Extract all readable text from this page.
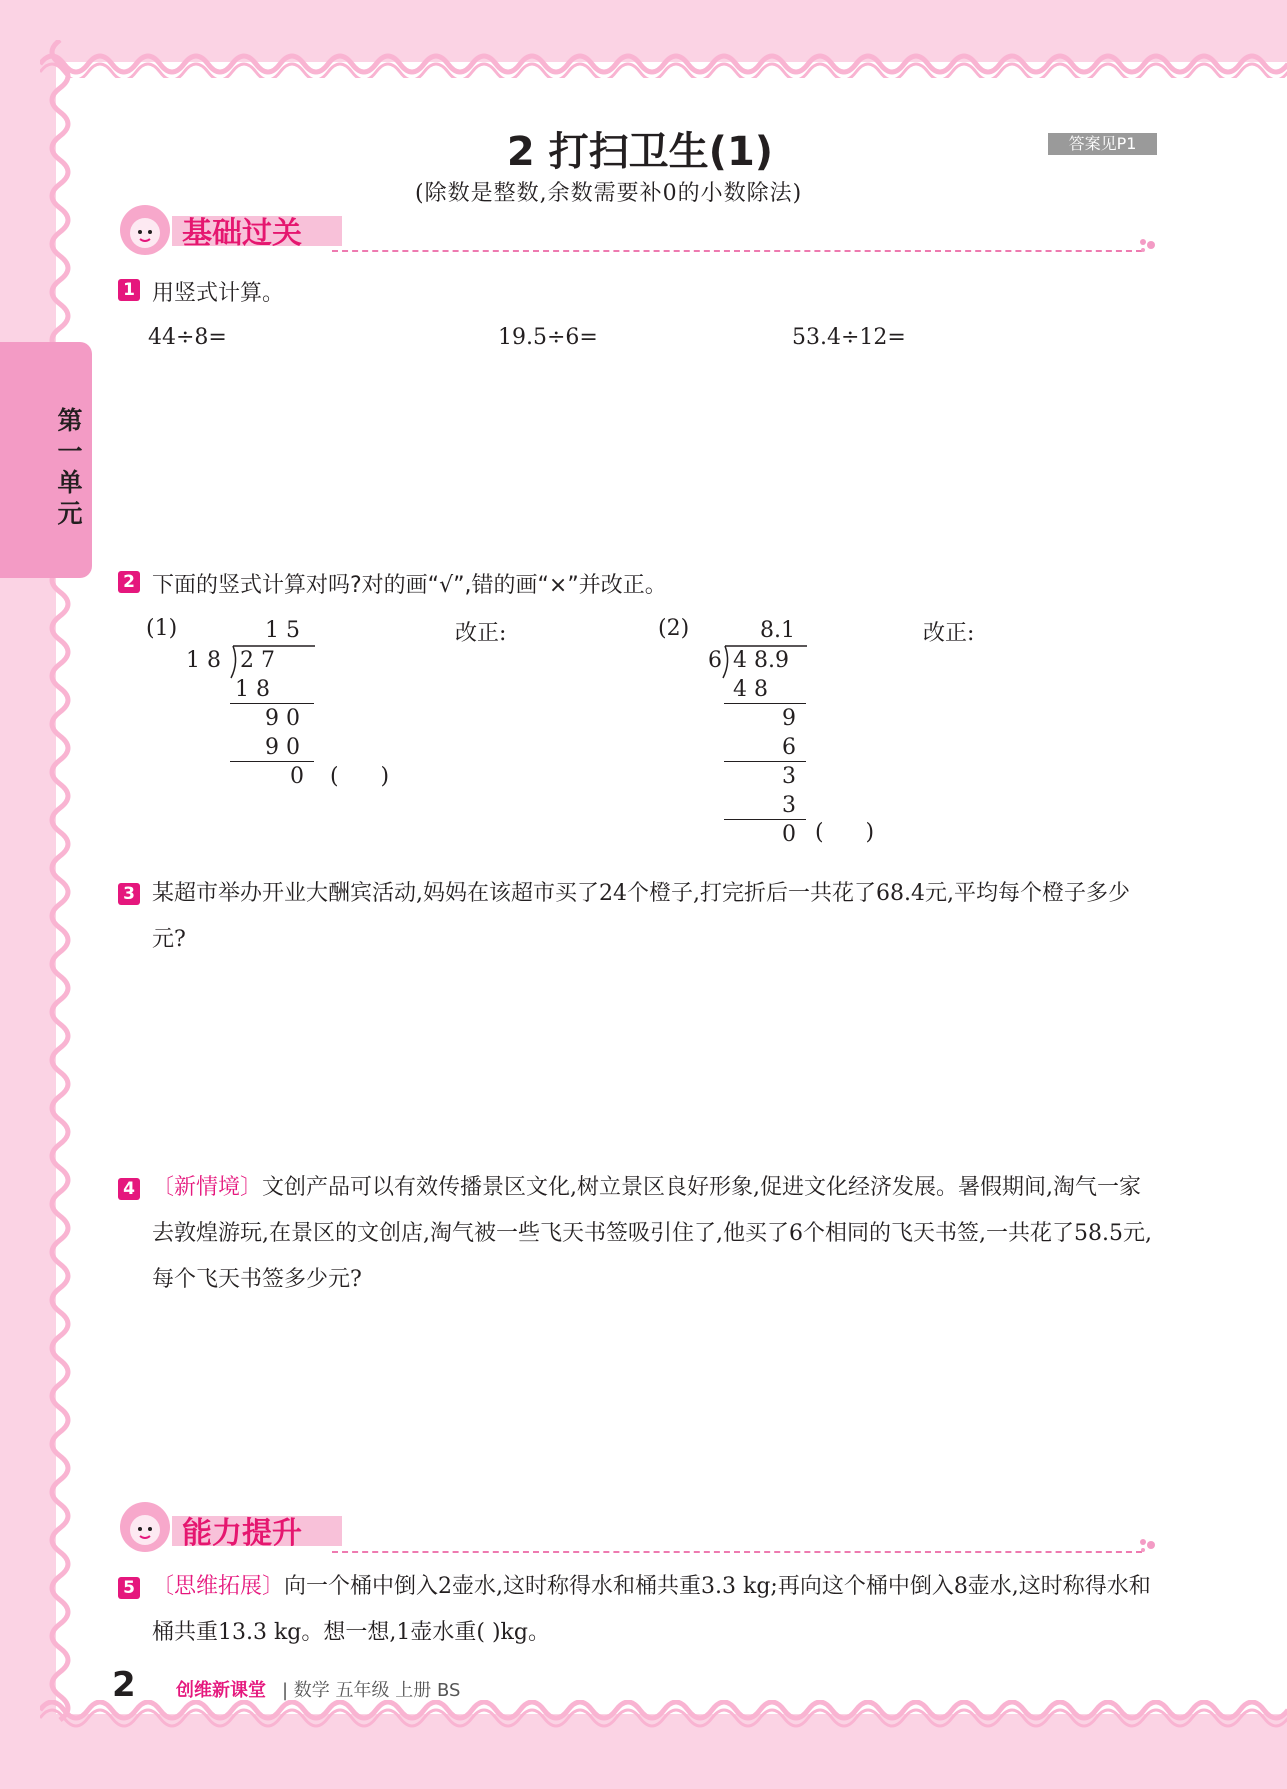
第一单元
2 打扫卫生(1)
(除数是整数,余数需要补0的小数除法)
答案见P1
基础过关
1 用竖式计算。
44÷8=	19.5÷6=	53.4÷12=
2 下面的竖式计算对吗?对的画“√”,错的画“×”并改正。
(1)	1 5
1 8 2 7
1 8
9 0
9 0
0 (      )
改正:	(2)	8.1
6 4 8.9
4 8
9
6
3
3
0 (      )
改正:
3 某超市举办开业大酬宾活动,妈妈在该超市买了24个橙子,打完折后一共花了68.4元,平均每个橙子多少元?
4 〔新情境〕文创产品可以有效传播景区文化,树立景区良好形象,促进文化经济发展。暑假期间,淘气一家去敦煌游玩,在景区的文创店,淘气被一些飞天书签吸引住了,他买了6个相同的飞天书签,一共花了58.5元,每个飞天书签多少元?
能力提升
5 〔思维拓展〕向一个桶中倒入2壶水,这时称得水和桶共重3.3 kg;再向这个桶中倒入8壶水,这时称得水和桶共重13.3 kg。想一想,1壶水重( )kg。
2 创维新课堂 | 数学 五年级 上册 BS
